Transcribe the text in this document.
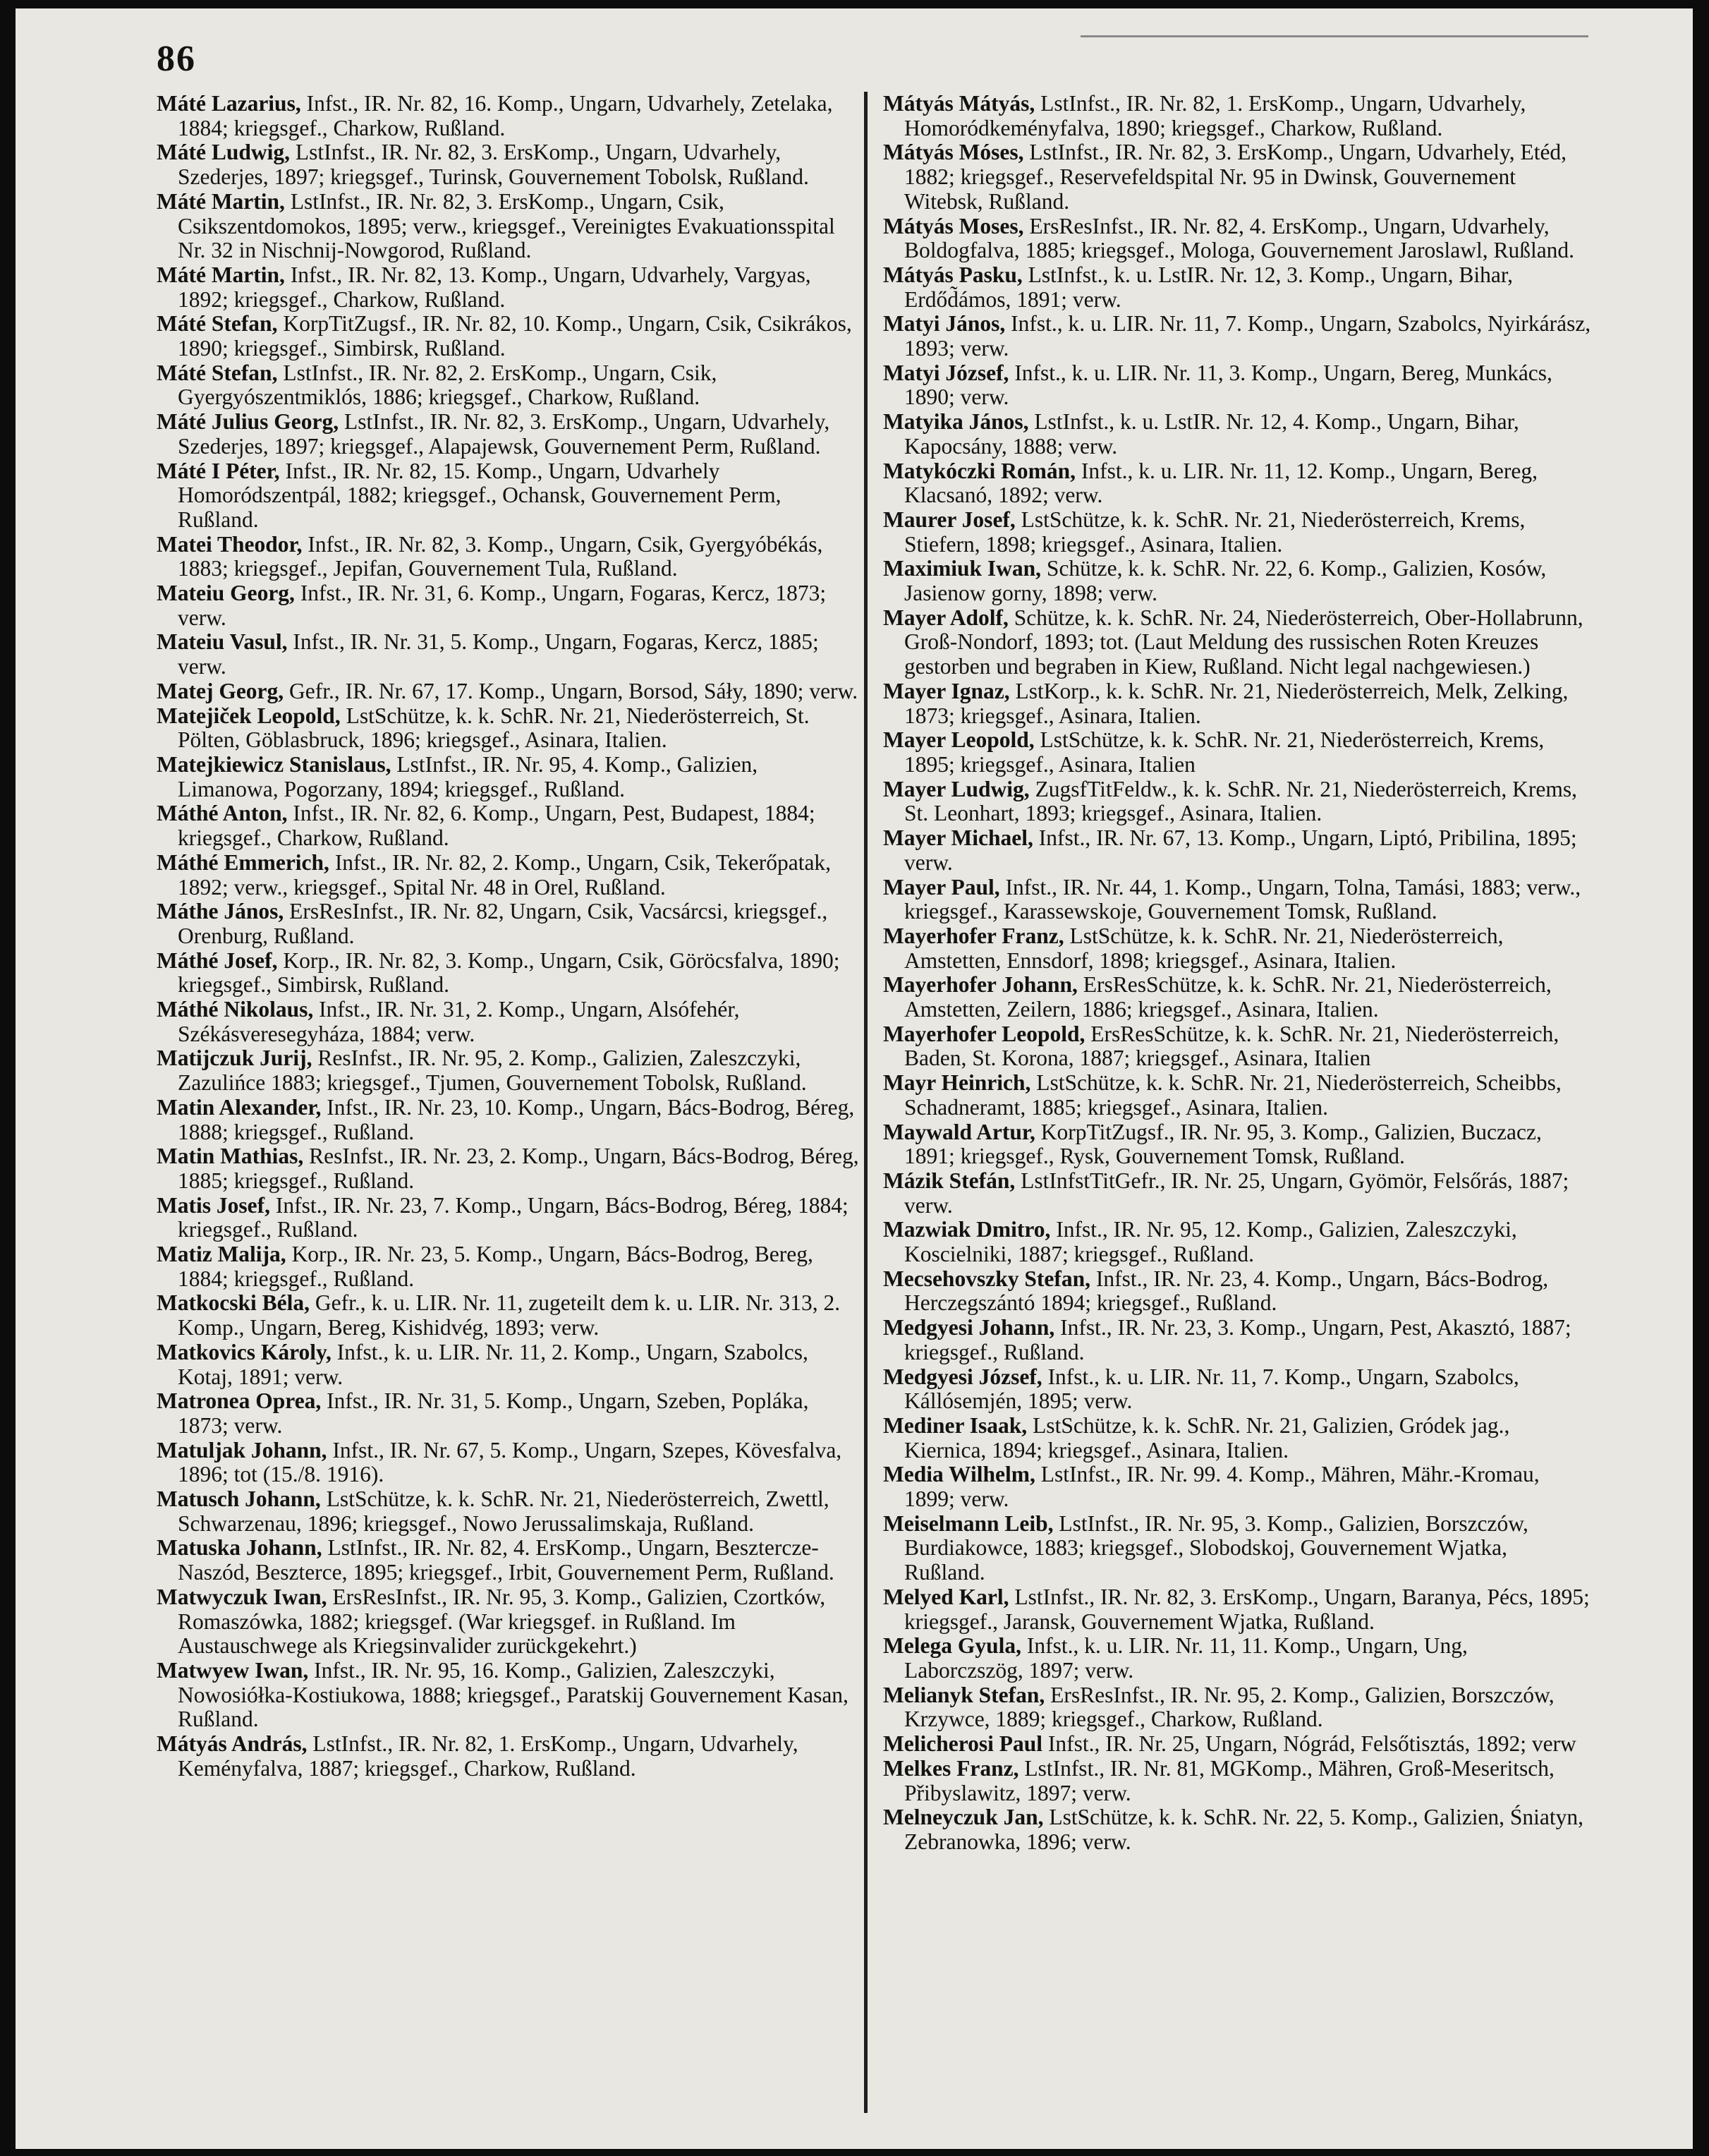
86

Máté Lazarius, Infst., IR. Nr. 82, 16. Komp., Ungarn, Udvarhely, Zetelaka, 1884; kriegsgef., Charkow, Rußland.

Máté Ludwig, LstInfst., IR. Nr. 82, 3. ErsKomp., Ungarn, Udvarhely, Szederjes, 1897; kriegsgef., Turinsk, Gouvernement Tobolsk, Rußland.

Máté Martin, LstInfst., IR. Nr. 82, 3. ErsKomp., Ungarn, Csik, Csikszentdomokos, 1895; verw., kriegsgef., Vereinigtes Evakuationsspital Nr. 32 in Nischnij-Nowgorod, Rußland.

Máté Martin, Infst., IR. Nr. 82, 13. Komp., Ungarn, Udvarhely, Vargyas, 1892; kriegsgef., Charkow, Rußland.

Máté Stefan, KorpTitZugsf., IR. Nr. 82, 10. Komp., Ungarn, Csik, Csikrákos, 1890; kriegsgef., Simbirsk, Rußland.

Máté Stefan, LstInfst., IR. Nr. 82, 2. ErsKomp., Ungarn, Csik, Gyergyószentmiklós, 1886; kriegsgef., Charkow, Rußland.

Máté Julius Georg, LstInfst., IR. Nr. 82, 3. ErsKomp., Ungarn, Udvarhely, Szederjes, 1897; kriegsgef., Alapajewsk, Gouvernement Perm, Rußland.

Máté I Péter, Infst., IR. Nr. 82, 15. Komp., Ungarn, Udvarhely Homoródszentpál, 1882; kriegsgef., Ochansk, Gouvernement Perm, Rußland.

Matei Theodor, Infst., IR. Nr. 82, 3. Komp., Ungarn, Csik, Gyergyóbékás, 1883; kriegsgef., Jepifan, Gouvernement Tula, Rußland.

Mateiu Georg, Infst., IR. Nr. 31, 6. Komp., Ungarn, Fogaras, Kercz, 1873; verw.

Mateiu Vasul, Infst., IR. Nr. 31, 5. Komp., Ungarn, Fogaras, Kercz, 1885; verw.

Matej Georg, Gefr., IR. Nr. 67, 17. Komp., Ungarn, Borsod, Sáły, 1890; verw.

Matejiček Leopold, LstSchütze, k. k. SchR. Nr. 21, Niederösterreich, St. Pölten, Göblasbruck, 1896; kriegsgef., Asinara, Italien.

Matejkiewicz Stanislaus, LstInfst., IR. Nr. 95, 4. Komp., Galizien, Limanowa, Pogorzany, 1894; kriegsgef., Rußland.

Máthé Anton, Infst., IR. Nr. 82, 6. Komp., Ungarn, Pest, Budapest, 1884; kriegsgef., Charkow, Rußland.

Máthé Emmerich, Infst., IR. Nr. 82, 2. Komp., Ungarn, Csik, Tekerőpatak, 1892; verw., kriegsgef., Spital Nr. 48 in Orel, Rußland.

Máthe János, ErsResInfst., IR. Nr. 82, Ungarn, Csik, Vacsárcsi, kriegsgef., Orenburg, Rußland.

Máthé Josef, Korp., IR. Nr. 82, 3. Komp., Ungarn, Csik, Göröcsfalva, 1890; kriegsgef., Simbirsk, Rußland.

Máthé Nikolaus, Infst., IR. Nr. 31, 2. Komp., Ungarn, Alsófehér, Székásveresegyháza, 1884; verw.

Matijczuk Jurij, ResInfst., IR. Nr. 95, 2. Komp., Galizien, Zaleszczyki, Zazulińce 1883; kriegsgef., Tjumen, Gouvernement Tobolsk, Rußland.

Matin Alexander, Infst., IR. Nr. 23, 10. Komp., Ungarn, Bács-Bodrog, Béreg, 1888; kriegsgef., Rußland.

Matin Mathias, ResInfst., IR. Nr. 23, 2. Komp., Ungarn, Bács-Bodrog, Béreg, 1885; kriegsgef., Rußland.

Matis Josef, Infst., IR. Nr. 23, 7. Komp., Ungarn, Bács-Bodrog, Béreg, 1884; kriegsgef., Rußland.

Matiz Malija, Korp., IR. Nr. 23, 5. Komp., Ungarn, Bács-Bodrog, Bereg, 1884; kriegsgef., Rußland.

Matkocski Béla, Gefr., k. u. LIR. Nr. 11, zugeteilt dem k. u. LIR. Nr. 313, 2. Komp., Ungarn, Bereg, Kishidvég, 1893; verw.

Matkovics Károly, Infst., k. u. LIR. Nr. 11, 2. Komp., Ungarn, Szabolcs, Kotaj, 1891; verw.

Matronea Oprea, Infst., IR. Nr. 31, 5. Komp., Ungarn, Szeben, Popláka, 1873; verw.

Matuljak Johann, Infst., IR. Nr. 67, 5. Komp., Ungarn, Szepes, Kövesfalva, 1896; tot (15./8. 1916).

Matusch Johann, LstSchütze, k. k. SchR. Nr. 21, Niederösterreich, Zwettl, Schwarzenau, 1896; kriegsgef., Nowo Jerussalimskaja, Rußland.

Matuska Johann, LstInfst., IR. Nr. 82, 4. ErsKomp., Ungarn, Besztercze-Naszód, Beszterce, 1895; kriegsgef., Irbit, Gouvernement Perm, Rußland.

Matwyczuk Iwan, ErsResInfst., IR. Nr. 95, 3. Komp., Galizien, Czortków, Romaszówka, 1882; kriegsgef. (War kriegsgef. in Rußland. Im Austauschwege als Kriegsinvalider zurückgekehrt.)

Matwyew Iwan, Infst., IR. Nr. 95, 16. Komp., Galizien, Zaleszczyki, Nowosiółka-Kostiukowa, 1888; kriegsgef., Paratskij Gouvernement Kasan, Rußland.

Mátyás András, LstInfst., IR. Nr. 82, 1. ErsKomp., Ungarn, Udvarhely, Keményfalva, 1887; kriegsgef., Charkow, Rußland.

Mátyás Mátyás, LstInfst., IR. Nr. 82, 1. ErsKomp., Ungarn, Udvarhely, Homoródkeményfalva, 1890; kriegsgef., Charkow, Rußland.

Mátyás Móses, LstInfst., IR. Nr. 82, 3. ErsKomp., Ungarn, Udvarhely, Etéd, 1882; kriegsgef., Reservefeldspital Nr. 95 in Dwinsk, Gouvernement Witebsk, Rußland.

Mátyás Moses, ErsResInfst., IR. Nr. 82, 4. ErsKomp., Ungarn, Udvarhely, Boldogfalva, 1885; kriegsgef., Mologa, Gouvernement Jaroslawl, Rußland.

Mátyás Pasku, LstInfst., k. u. LstIR. Nr. 12, 3. Komp., Ungarn, Bihar, Erdőd̃ámos, 1891; verw.

Matyi János, Infst., k. u. LIR. Nr. 11, 7. Komp., Ungarn, Szabolcs, Nyirkárász, 1893; verw.

Matyi József, Infst., k. u. LIR. Nr. 11, 3. Komp., Ungarn, Bereg, Munkács, 1890; verw.

Matyika János, LstInfst., k. u. LstIR. Nr. 12, 4. Komp., Ungarn, Bihar, Kapocsány, 1888; verw.

Matykóczki Román, Infst., k. u. LIR. Nr. 11, 12. Komp., Ungarn, Bereg, Klacsanó, 1892; verw.

Maurer Josef, LstSchütze, k. k. SchR. Nr. 21, Niederösterreich, Krems, Stiefern, 1898; kriegsgef., Asinara, Italien.

Maximiuk Iwan, Schütze, k. k. SchR. Nr. 22, 6. Komp., Galizien, Kosów, Jasienow gorny, 1898; verw.

Mayer Adolf, Schütze, k. k. SchR. Nr. 24, Niederösterreich, Ober-Hollabrunn, Groß-Nondorf, 1893; tot. (Laut Meldung des russischen Roten Kreuzes gestorben und begraben in Kiew, Rußland. Nicht legal nachgewiesen.)

Mayer Ignaz, LstKorp., k. k. SchR. Nr. 21, Niederösterreich, Melk, Zelking, 1873; kriegsgef., Asinara, Italien.

Mayer Leopold, LstSchütze, k. k. SchR. Nr. 21, Niederösterreich, Krems, 1895; kriegsgef., Asinara, Italien

Mayer Ludwig, ZugsfTitFeldw., k. k. SchR. Nr. 21, Niederösterreich, Krems, St. Leonhart, 1893; kriegsgef., Asinara, Italien.

Mayer Michael, Infst., IR. Nr. 67, 13. Komp., Ungarn, Liptó, Pribilina, 1895; verw.

Mayer Paul, Infst., IR. Nr. 44, 1. Komp., Ungarn, Tolna, Tamási, 1883; verw., kriegsgef., Karassewskoje, Gouvernement Tomsk, Rußland.

Mayerhofer Franz, LstSchütze, k. k. SchR. Nr. 21, Niederösterreich, Amstetten, Ennsdorf, 1898; kriegsgef., Asinara, Italien.

Mayerhofer Johann, ErsResSchütze, k. k. SchR. Nr. 21, Niederösterreich, Amstetten, Zeilern, 1886; kriegsgef., Asinara, Italien.

Mayerhofer Leopold, ErsResSchütze, k. k. SchR. Nr. 21, Niederösterreich, Baden, St. Korona, 1887; kriegsgef., Asinara, Italien

Mayr Heinrich, LstSchütze, k. k. SchR. Nr. 21, Niederösterreich, Scheibbs, Schadneramt, 1885; kriegsgef., Asinara, Italien.

Maywald Artur, KorpTitZugsf., IR. Nr. 95, 3. Komp., Galizien, Buczacz, 1891; kriegsgef., Rysk, Gouvernement Tomsk, Rußland.

Mázik Stefán, LstInfstTitGefr., IR. Nr. 25, Ungarn, Gyömör, Felsőrás, 1887; verw.

Mazwiak Dmitro, Infst., IR. Nr. 95, 12. Komp., Galizien, Zaleszczyki, Koscielniki, 1887; kriegsgef., Rußland.

Mecsehovszky Stefan, Infst., IR. Nr. 23, 4. Komp., Ungarn, Bács-Bodrog, Herczegszántó 1894; kriegsgef., Rußland.

Medgyesi Johann, Infst., IR. Nr. 23, 3. Komp., Ungarn, Pest, Akasztó, 1887; kriegsgef., Rußland.

Medgyesi József, Infst., k. u. LIR. Nr. 11, 7. Komp., Ungarn, Szabolcs, Kállósemjén, 1895; verw.

Mediner Isaak, LstSchütze, k. k. SchR. Nr. 21, Galizien, Gródek jag., Kiernica, 1894; kriegsgef., Asinara, Italien.

Media Wilhelm, LstInfst., IR. Nr. 99. 4. Komp., Mähren, Mähr.-Kromau, 1899; verw.

Meiselmann Leib, LstInfst., IR. Nr. 95, 3. Komp., Galizien, Borszczów, Burdiakowce, 1883; kriegsgef., Slobodskoj, Gouvernement Wjatka, Rußland.

Melyed Karl, LstInfst., IR. Nr. 82, 3. ErsKomp., Ungarn, Baranya, Pécs, 1895; kriegsgef., Jaransk, Gouvernement Wjatka, Rußland.

Melega Gyula, Infst., k. u. LIR. Nr. 11, 11. Komp., Ungarn, Ung, Laborczszög, 1897; verw.

Melianyk Stefan, ErsResInfst., IR. Nr. 95, 2. Komp., Galizien, Borszczów, Krzywce, 1889; kriegsgef., Charkow, Rußland.

Melicherosi Paul Infst., IR. Nr. 25, Ungarn, Nógrád, Felsőtisztás, 1892; verw

Melkes Franz, LstInfst., IR. Nr. 81, MGKomp., Mähren, Groß-Meseritsch, Přibyslawitz, 1897; verw.

Melneyczuk Jan, LstSchütze, k. k. SchR. Nr. 22, 5. Komp., Galizien, Śniatyn, Zebranowka, 1896; verw.
